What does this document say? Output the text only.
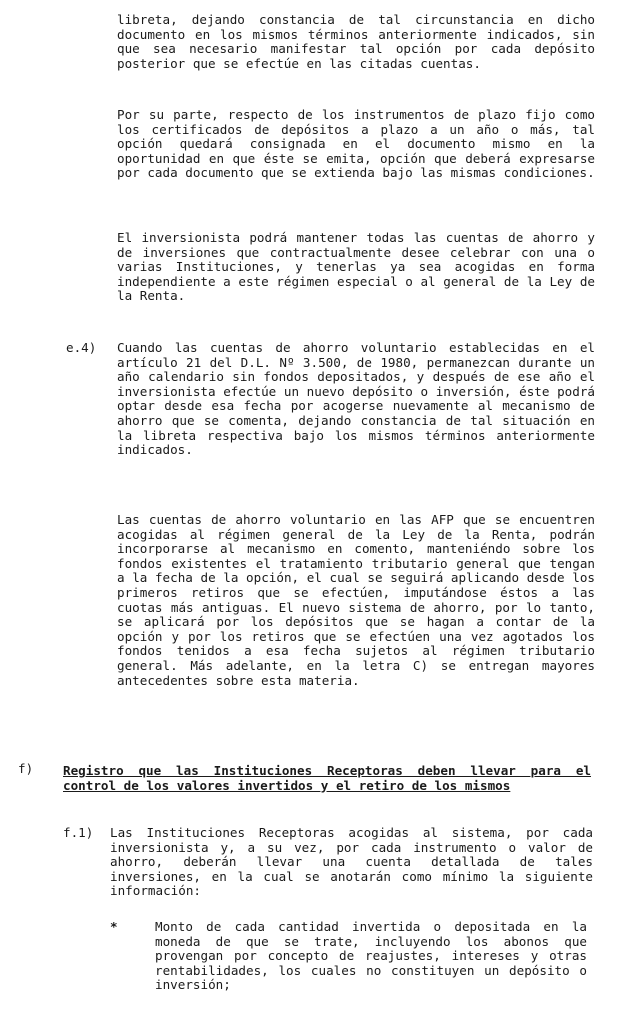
libreta, dejando constancia de tal circunstancia en dicho documento en los mismos términos anteriormente indicados, sin que sea necesario manifestar tal opción por cada depósito posterior que se efectúe en las citadas cuentas.

Por su parte, respecto de los instrumentos de plazo fijo como los certificados de depósitos a plazo a un año o más, tal opción quedará consignada en el documento mismo en la oportunidad en que éste se emita, opción que deberá expresarse por cada documento que se extienda bajo las mismas condiciones.

El inversionista podrá mantener todas las cuentas de ahorro y de inversiones que contractualmente desee celebrar con una o varias Instituciones, y tenerlas ya sea acogidas en forma independiente a este régimen especial o al general de la Ley de la Renta.

e.4) Cuando las cuentas de ahorro voluntario establecidas en el artículo 21 del D.L. Nº 3.500, de 1980, permanezcan durante un año calendario sin fondos depositados, y después de ese año el inversionista efectúe un nuevo depósito o inversión, éste podrá optar desde esa fecha por acogerse nuevamente al mecanismo de ahorro que se comenta, dejando constancia de tal situación en la libreta respectiva bajo los mismos términos anteriormente indicados.

Las cuentas de ahorro voluntario en las AFP que se encuentren acogidas al régimen general de la Ley de la Renta, podrán incorporarse al mecanismo en comento, manteniéndo sobre los fondos existentes el tratamiento tributario general que tengan a la fecha de la opción, el cual se seguirá aplicando desde los primeros retiros que se efectúen, imputándose éstos a las cuotas más antiguas. El nuevo sistema de ahorro, por lo tanto, se aplicará por los depósitos que se hagan a contar de la opción y por los retiros que se efectúen una vez agotados los fondos tenidos a esa fecha sujetos al régimen tributario general. Más adelante, en la letra C) se entregan mayores antecedentes sobre esta materia.

f) Registro que las Instituciones Receptoras deben llevar para el control de los valores invertidos y el retiro de los mismos
f.1) Las Instituciones Receptoras acogidas al sistema, por cada inversionista y, a su vez, por cada instrumento o valor de ahorro, deberán llevar una cuenta detallada de tales inversiones, en la cual se anotarán como mínimo la siguiente información:

*	Monto de cada cantidad invertida o depositada en la moneda de que se trate, incluyendo los abonos que provengan por concepto de reajustes, intereses y otras rentabilidades, los cuales no constituyen un depósito o inversión;
